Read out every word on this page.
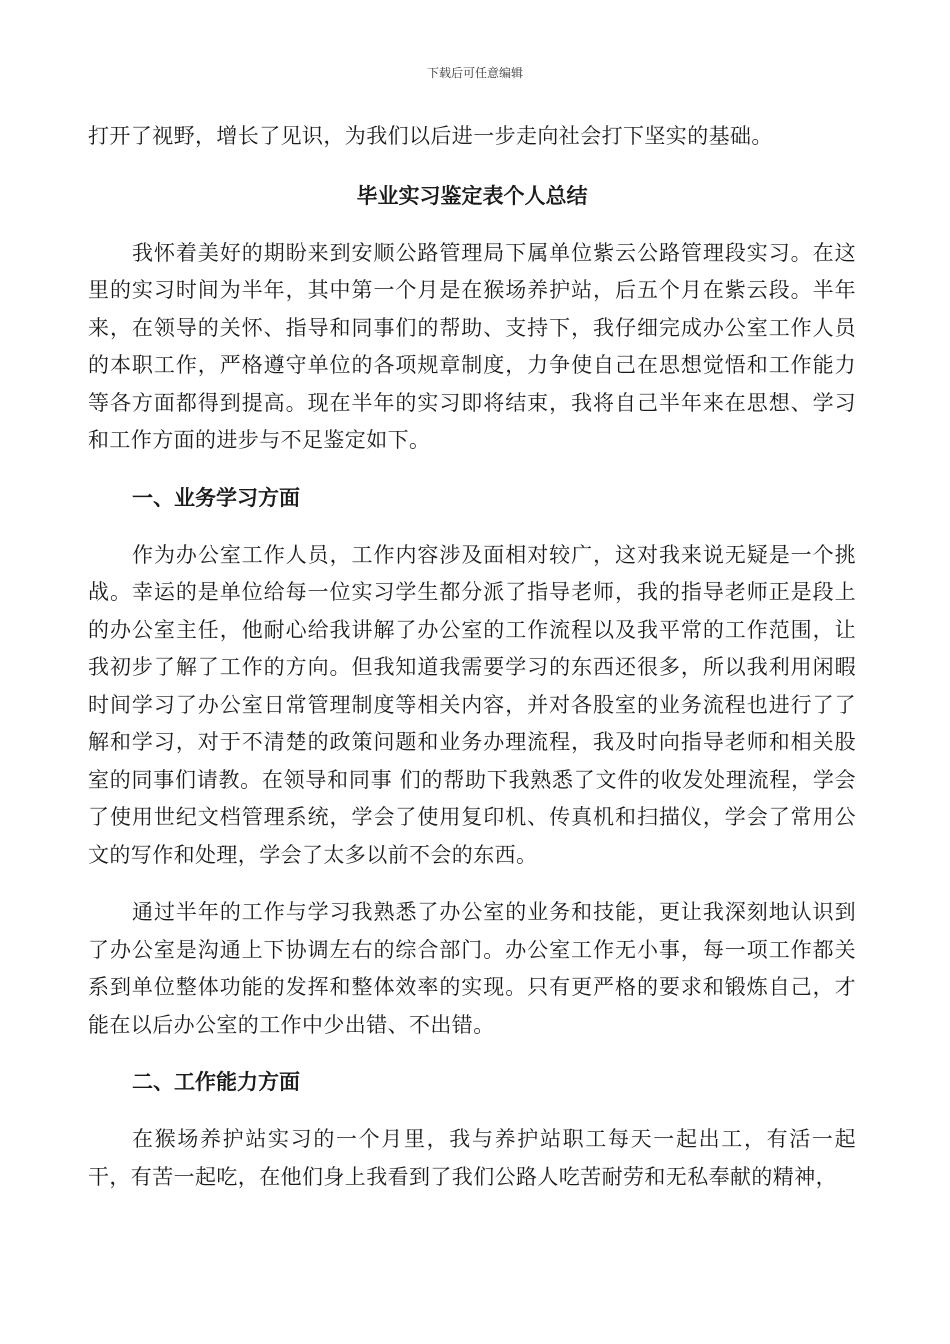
下载后可任意编辑

打开了视野，增长了见识，为我们以后进一步走向社会打下坚实的基础。

毕业实习鉴定表个人总结

我怀着美好的期盼来到安顺公路管理局下属单位紫云公路管理段实习。在这里的实习时间为半年，其中第一个月是在猴场养护站，后五个月在紫云段。半年来，在领导的关怀、指导和同事们的帮助、支持下，我仔细完成办公室工作人员的本职工作，严格遵守单位的各项规章制度，力争使自己在思想觉悟和工作能力等各方面都得到提高。现在半年的实习即将结束，我将自己半年来在思想、学习和工作方面的进步与不足鉴定如下。

一、业务学习方面

作为办公室工作人员，工作内容涉及面相对较广，这对我来说无疑是一个挑战。幸运的是单位给每一位实习学生都分派了指导老师，我的指导老师正是段上的办公室主任，他耐心给我讲解了办公室的工作流程以及我平常的工作范围，让我初步了解了工作的方向。但我知道我需要学习的东西还很多，所以我利用闲暇时间学习了办公室日常管理制度等相关内容，并对各股室的业务流程也进行了了解和学习，对于不清楚的政策问题和业务办理流程，我及时向指导老师和相关股室的同事们请教。在领导和同事 们的帮助下我熟悉了文件的收发处理流程，学会了使用世纪文档管理系统，学会了使用复印机、传真机和扫描仪，学会了常用公文的写作和处理，学会了太多以前不会的东西。

通过半年的工作与学习我熟悉了办公室的业务和技能，更让我深刻地认识到了办公室是沟通上下协调左右的综合部门。办公室工作无小事，每一项工作都关系到单位整体功能的发挥和整体效率的实现。只有更严格的要求和锻炼自己，才能在以后办公室的工作中少出错、不出错。

二、工作能力方面

在猴场养护站实习的一个月里，我与养护站职工每天一起出工，有活一起干，有苦一起吃，在他们身上我看到了我们公路人吃苦耐劳和无私奉献的精神，
